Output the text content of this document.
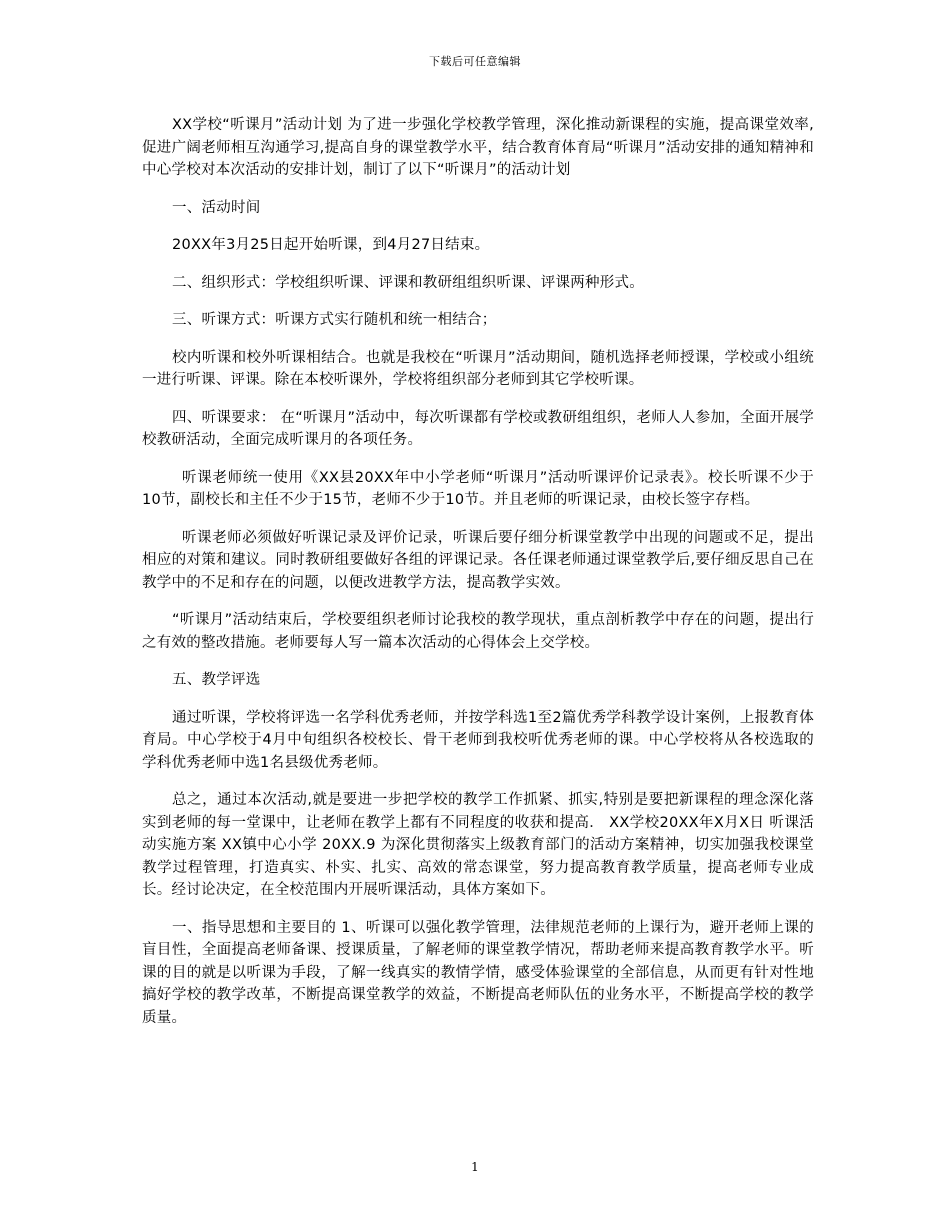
下载后可任意编辑

XX学校“听课月”活动计划 为了进一步强化学校教学管理，深化推动新课程的实施，提高课堂效率,促进广阔老师相互沟通学习,提高自身的课堂教学水平，结合教育体育局“听课月”活动安排的通知精神和中心学校对本次活动的安排计划，制订了以下“听课月”的活动计划

一、活动时间

20XX年3月25日起开始听课，到4月27日结束。

二、组织形式：学校组织听课、评课和教研组组织听课、评课两种形式。

三、听课方式：听课方式实行随机和统一相结合；

校内听课和校外听课相结合。也就是我校在“听课月”活动期间，随机选择老师授课，学校或小组统一进行听课、评课。除在本校听课外，学校将组织部分老师到其它学校听课。

四、听课要求： 在“听课月”活动中，每次听课都有学校或教研组组织，老师人人参加，全面开展学校教研活动，全面完成听课月的各项任务。

听课老师统一使用《XX县20XX年中小学老师“听课月”活动听课评价记录表》。校长听课不少于10节，副校长和主任不少于15节，老师不少于10节。并且老师的听课记录，由校长签字存档。

听课老师必须做好听课记录及评价记录，听课后要仔细分析课堂教学中出现的问题或不足，提出相应的对策和建议。同时教研组要做好各组的评课记录。各任课老师通过课堂教学后,要仔细反思自己在教学中的不足和存在的问题，以便改进教学方法，提高教学实效。

“听课月”活动结束后，学校要组织老师讨论我校的教学现状，重点剖析教学中存在的问题，提出行之有效的整改措施。老师要每人写一篇本次活动的心得体会上交学校。

五、教学评选

通过听课，学校将评选一名学科优秀老师，并按学科选1至2篇优秀学科教学设计案例，上报教育体育局。中心学校于4月中旬组织各校校长、骨干老师到我校听优秀老师的课。中心学校将从各校选取的学科优秀老师中选1名县级优秀老师。

总之，通过本次活动,就是要进一步把学校的教学工作抓紧、抓实,特别是要把新课程的理念深化落实到老师的每一堂课中，让老师在教学上都有不同程度的收获和提高． XX学校20XX年X月X日 听课活动实施方案 XX镇中心小学 20XX.9 为深化贯彻落实上级教育部门的活动方案精神，切实加强我校课堂教学过程管理，打造真实、朴实、扎实、高效的常态课堂，努力提高教育教学质量，提高老师专业成长。经讨论决定，在全校范围内开展听课活动，具体方案如下。

一、指导思想和主要目的 1、听课可以强化教学管理，法律规范老师的上课行为，避开老师上课的盲目性，全面提高老师备课、授课质量，了解老师的课堂教学情况，帮助老师来提高教育教学水平。听课的目的就是以听课为手段，了解一线真实的教情学情，感受体验课堂的全部信息，从而更有针对性地搞好学校的教学改革，不断提高课堂教学的效益，不断提高老师队伍的业务水平，不断提高学校的教学质量。

1
